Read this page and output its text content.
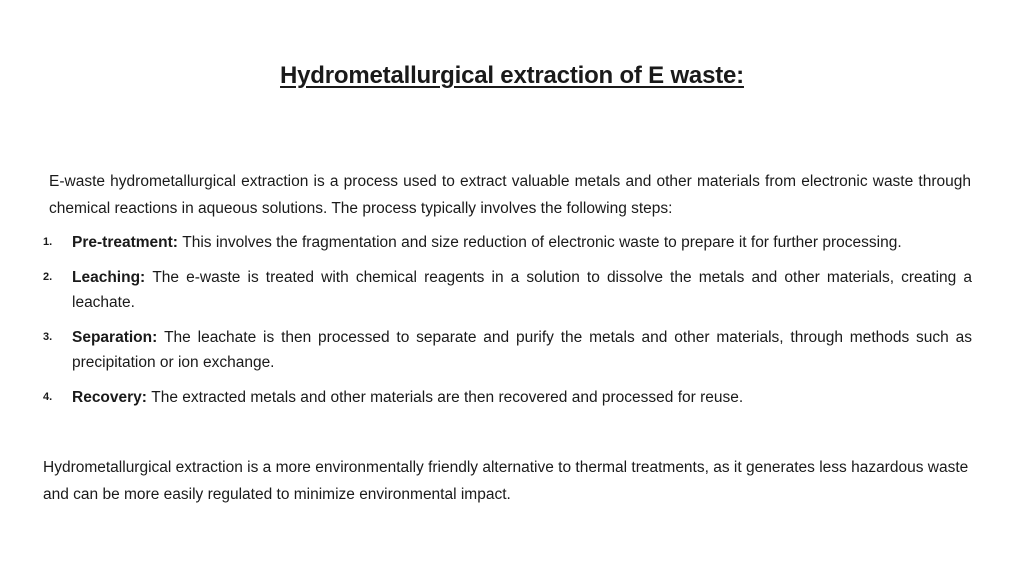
Hydrometallurgical extraction of E waste:
E-waste hydrometallurgical extraction is a process used to extract valuable metals and other materials from electronic waste through chemical reactions in aqueous solutions. The process typically involves the following steps:
1. Pre-treatment: This involves the fragmentation and size reduction of electronic waste to prepare it for further processing.
2. Leaching: The e-waste is treated with chemical reagents in a solution to dissolve the metals and other materials, creating a leachate.
3. Separation: The leachate is then processed to separate and purify the metals and other materials, through methods such as precipitation or ion exchange.
4. Recovery: The extracted metals and other materials are then recovered and processed for reuse.
Hydrometallurgical extraction is a more environmentally friendly alternative to thermal treatments, as it generates less hazardous waste and can be more easily regulated to minimize environmental impact.
